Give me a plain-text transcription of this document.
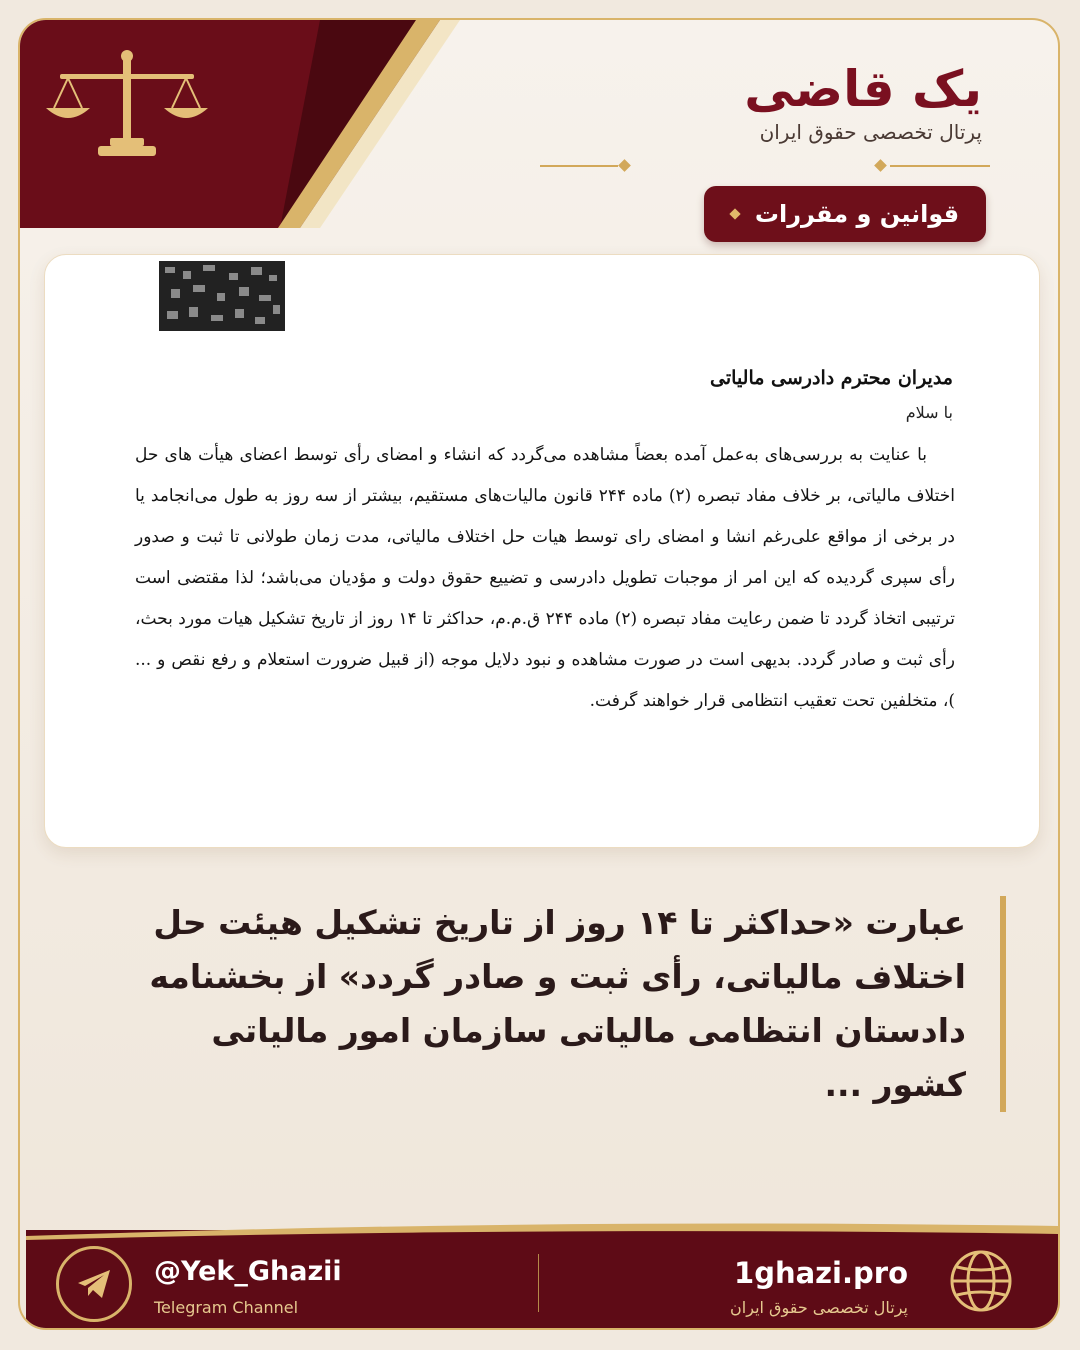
یک قاضی
پرتال تخصصی حقوق ایران
قوانین و مقررات
مدیران محترم دادرسی مالیاتی
با سلام

با عنایت به بررسی‌های به‌عمل آمده بعضاً مشاهده می‌گردد که انشاء و امضای رأی توسط اعضای هیأت های حل اختلاف مالیاتی، بر خلاف مفاد تبصره (۲) ماده ۲۴۴ قانون مالیات‌های مستقیم، بیشتر از سه روز به طول می‌انجامد یا در برخی از مواقع علی‌رغم انشا و امضای رای توسط هیات حل اختلاف مالیاتی، مدت زمان طولانی تا ثبت و صدور رأی سپری گردیده که این امر از موجبات تطویل دادرسی و تضییع حقوق دولت و مؤدیان می‌باشد؛ لذا مقتضی است ترتیبی اتخاذ گردد تا ضمن رعایت مفاد تبصره (۲) ماده ۲۴۴ ق.م.م، حداکثر تا ۱۴ روز از تاریخ تشکیل هیات مورد بحث، رأی ثبت و صادر گردد. بدیهی است در صورت مشاهده و نبود دلایل موجه (از قبیل ضرورت استعلام و رفع نقص و ... )، متخلفین تحت تعقیب انتظامی قرار خواهند گرفت.

عبارت «حداکثر تا ۱۴ روز از تاریخ تشکیل هیئت حل اختلاف مالیاتی، رأی ثبت و صادر گردد» از بخشنامه دادستان انتظامی مالیاتی سازمان امور مالیاتی کشور ...

@Yek_Ghazii
Telegram Channel
1ghazi.pro
پرتال تخصصی حقوق ایران
